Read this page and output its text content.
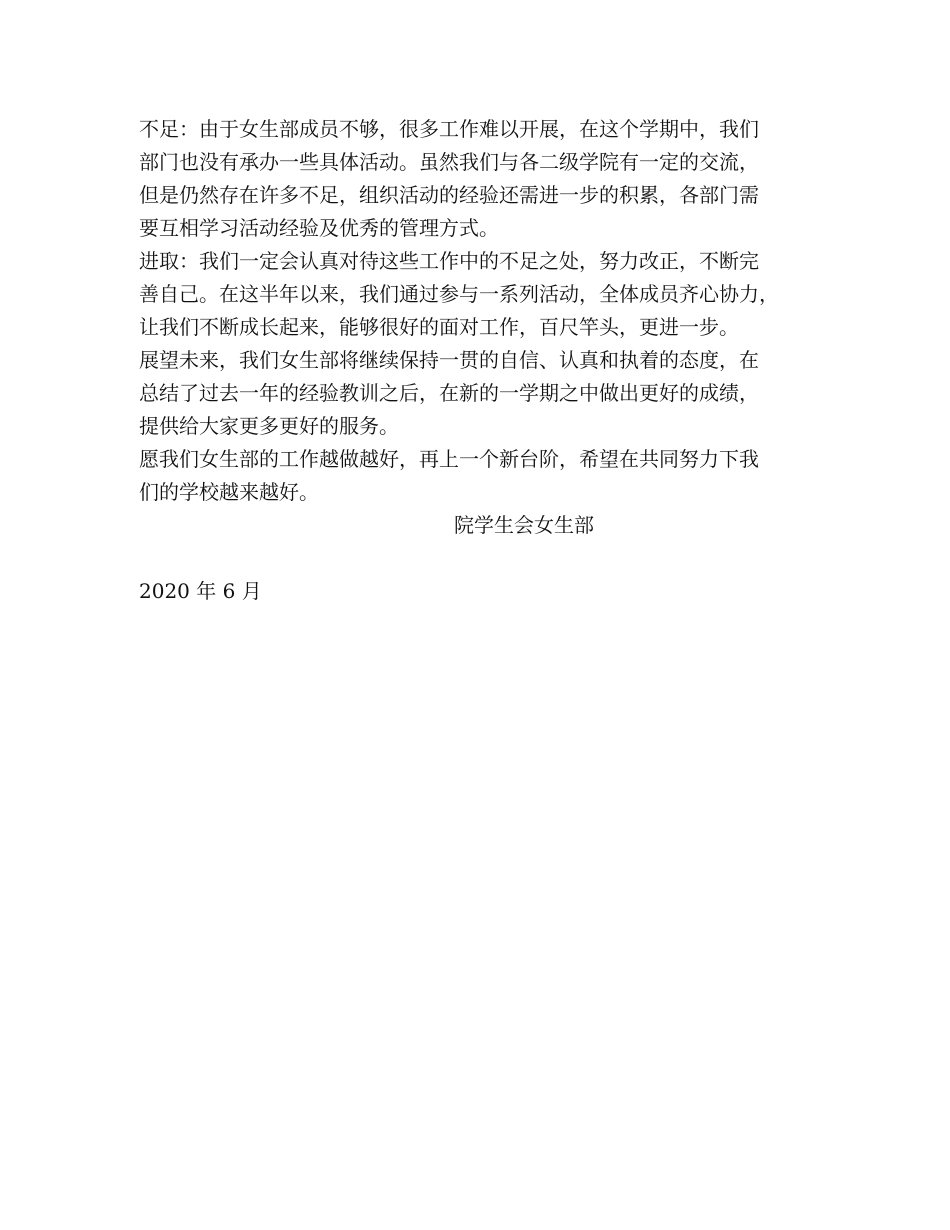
不足：由于女生部成员不够，很多工作难以开展，在这个学期中，我们
部门也没有承办一些具体活动。虽然我们与各二级学院有一定的交流，
但是仍然存在许多不足，组织活动的经验还需进一步的积累，各部门需
要互相学习活动经验及优秀的管理方式。
进取：我们一定会认真对待这些工作中的不足之处，努力改正，不断完
善自己。在这半年以来，我们通过参与一系列活动，全体成员齐心协力，
让我们不断成长起来，能够很好的面对工作，百尺竿头，更进一步。
展望未来，我们女生部将继续保持一贯的自信、认真和执着的态度，在
总结了过去一年的经验教训之后，在新的一学期之中做出更好的成绩，
提供给大家更多更好的服务。
愿我们女生部的工作越做越好，再上一个新台阶，希望在共同努力下我
们的学校越来越好。
院学生会女生部
2020 年 6 月
